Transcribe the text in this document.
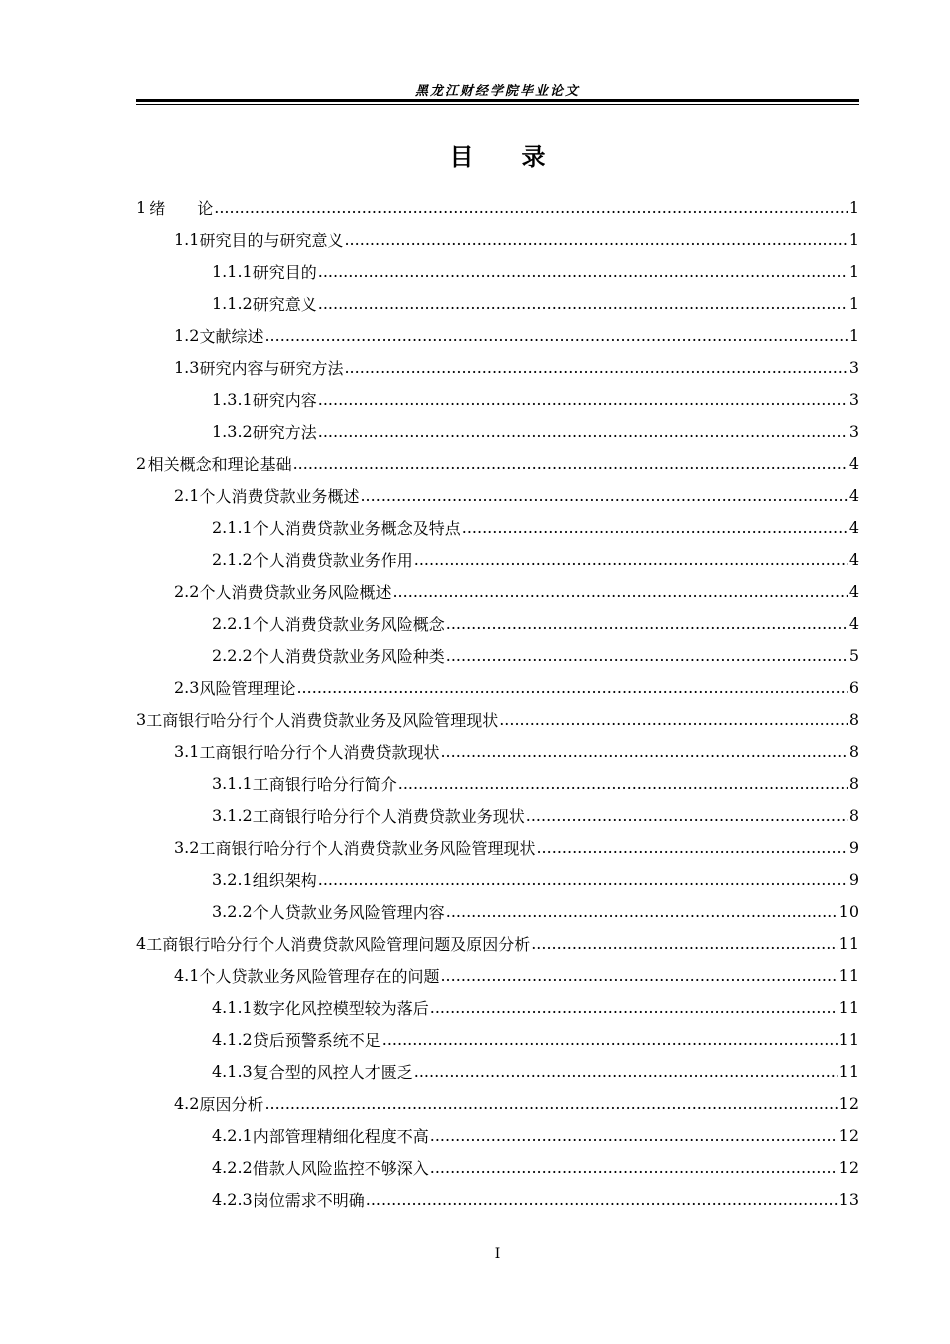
黑龙江财经学院毕业论文
目录
1 绪　　论 .....	1
1.1 研究目的与研究意义 .....	1
1.1.1 研究目的 .....	1
1.1.2 研究意义 .....	1
1.2 文献综述 .....	1
1.3 研究内容与研究方法 .....	3
1.3.1 研究内容 .....	3
1.3.2 研究方法 .....	3
2 相关概念和理论基础 .....	4
2.1 个人消费贷款业务概述 .....	4
2.1.1 个人消费贷款业务概念及特点 .....	4
2.1.2 个人消费贷款业务作用 .....	4
2.2 个人消费贷款业务风险概述 .....	4
2.2.1 个人消费贷款业务风险概念 .....	4
2.2.2 个人消费贷款业务风险种类 .....	5
2.3 风险管理理论 .....	6
3 工商银行哈分行个人消费贷款业务及风险管理现状 .....	8
3.1 工商银行哈分行个人消费贷款现状 .....	8
3.1.1 工商银行哈分行简介 .....	8
3.1.2 工商银行哈分行个人消费贷款业务现状 .....	8
3.2 工商银行哈分行个人消费贷款业务风险管理现状 .....	9
3.2.1 组织架构 .....	9
3.2.2 个人贷款业务风险管理内容 .....	10
4 工商银行哈分行个人消费贷款风险管理问题及原因分析 .....	11
4.1 个人贷款业务风险管理存在的问题 .....	11
4.1.1 数字化风控模型较为落后 .....	11
4.1.2 贷后预警系统不足 .....	11
4.1.3 复合型的风控人才匮乏 .....	11
4.2 原因分析 .....	12
4.2.1 内部管理精细化程度不高 .....	12
4.2.2 借款人风险监控不够深入 .....	12
4.2.3 岗位需求不明确 .....	13
I
